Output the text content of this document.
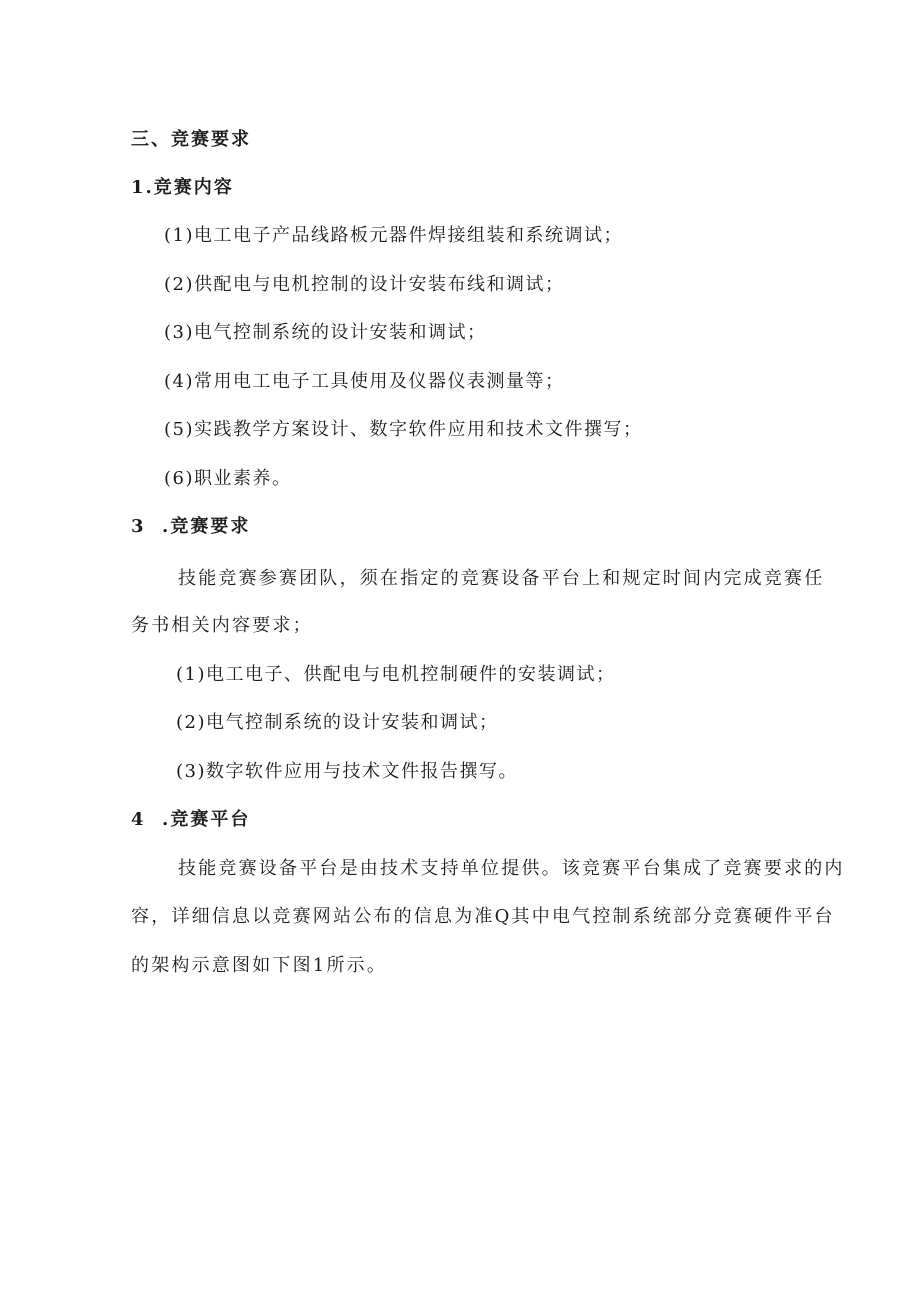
三、竞赛要求
1.竞赛内容
(1)电工电子产品线路板元器件焊接组装和系统调试；
(2)供配电与电机控制的设计安装布线和调试；
(3)电气控制系统的设计安装和调试；
(4)常用电工电子工具使用及仪器仪表测量等；
(5)实践教学方案设计、数字软件应用和技术文件撰写；
(6)职业素养。
3  .竞赛要求
技能竞赛参赛团队，须在指定的竞赛设备平台上和规定时间内完成竞赛任
务书相关内容要求；
(1)电工电子、供配电与电机控制硬件的安装调试；
(2)电气控制系统的设计安装和调试；
(3)数字软件应用与技术文件报告撰写。
4  .竞赛平台
技能竞赛设备平台是由技术支持单位提供。该竞赛平台集成了竞赛要求的内
容，详细信息以竞赛网站公布的信息为准Q其中电气控制系统部分竞赛硬件平台
的架构示意图如下图1所示。
